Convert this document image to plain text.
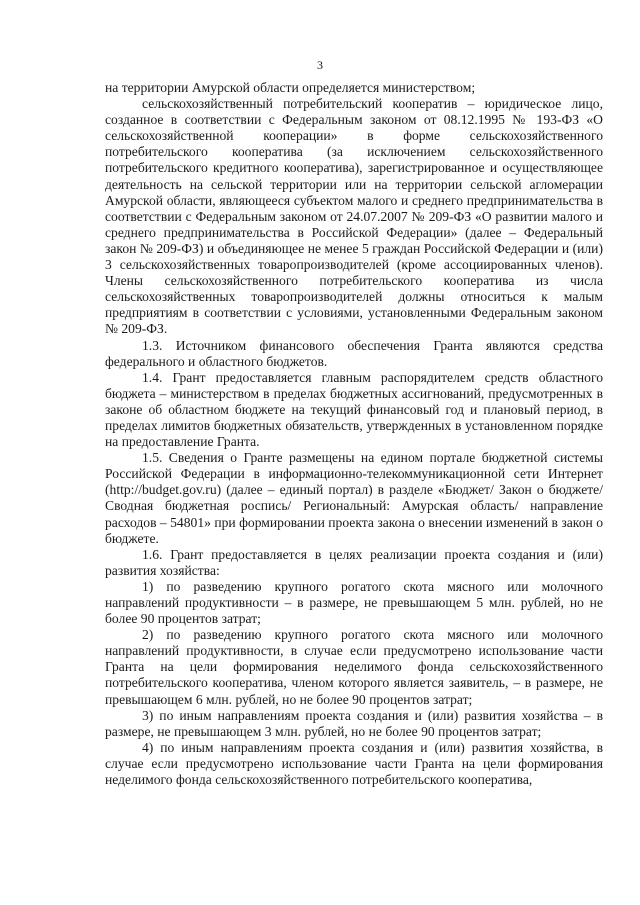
3

на территории Амурской области определяется министерством;

сельскохозяйственный потребительский кооператив – юридическое лицо, созданное в соответствии с Федеральным законом от 08.12.1995 № 193-ФЗ «О сельскохозяйственной кооперации» в форме сельскохозяйственного потребительского кооператива (за исключением сельскохозяйственного потребительского кредитного кооператива), зарегистрированное и осуществляющее деятельность на сельской территории или на территории сельской агломерации Амурской области, являющееся субъектом малого и среднего предпринимательства в соответствии с Федеральным законом от 24.07.2007 № 209-ФЗ «О развитии малого и среднего предпринимательства в Российской Федерации» (далее – Федеральный закон № 209-ФЗ) и объединяющее не менее 5 граждан Российской Федерации и (или) 3 сельскохозяйственных товаропроизводителей (кроме ассоциированных членов). Члены сельскохозяйственного потребительского кооператива из числа сельскохозяйственных товаропроизводителей должны относиться к малым предприятиям в соответствии с условиями, установленными Федеральным законом № 209-ФЗ.

1.3. Источником финансового обеспечения Гранта являются средства федерального и областного бюджетов.

1.4. Грант предоставляется главным распорядителем средств областного бюджета – министерством в пределах бюджетных ассигнований, предусмотренных в законе об областном бюджете на текущий финансовый год и плановый период, в пределах лимитов бюджетных обязательств, утвержденных в установленном порядке на предоставление Гранта.

1.5. Сведения о Гранте размещены на едином портале бюджетной системы Российской Федерации в информационно-телекоммуникационной сети Интернет (http://budget.gov.ru) (далее – единый портал) в разделе «Бюджет/ Закон о бюджете/ Сводная бюджетная роспись/ Региональный: Амурская область/ направление расходов – 54801» при формировании проекта закона о внесении изменений в закон о бюджете.

1.6. Грант предоставляется в целях реализации проекта создания и (или) развития хозяйства:

1) по разведению крупного рогатого скота мясного или молочного направлений продуктивности – в размере, не превышающем 5 млн. рублей, но не более 90 процентов затрат;

2) по разведению крупного рогатого скота мясного или молочного направлений продуктивности, в случае если предусмотрено использование части Гранта на цели формирования неделимого фонда сельскохозяйственного потребительского кооператива, членом которого является заявитель, – в размере, не превышающем 6 млн. рублей, но не более 90 процентов затрат;

3) по иным направлениям проекта создания и (или) развития хозяйства – в размере, не превышающем 3 млн. рублей, но не более 90 процентов затрат;

4) по иным направлениям проекта создания и (или) развития хозяйства, в случае если предусмотрено использование части Гранта на цели формирования неделимого фонда сельскохозяйственного потребительского кооператива,
